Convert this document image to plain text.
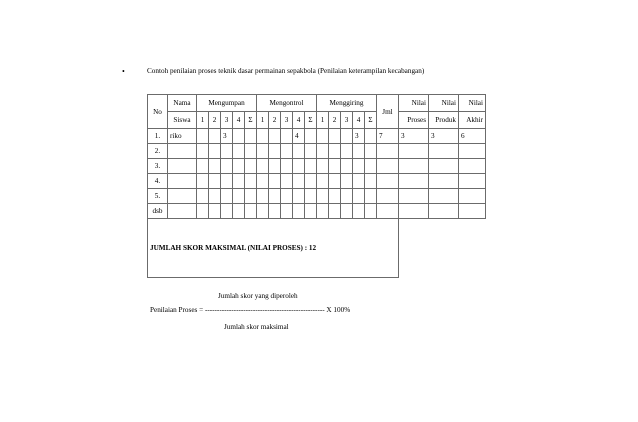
•	Contoh penilaian proses teknik dasar permainan sepakbola (Penilaian keterampilan kecabangan)
No	Nama	Mengumpan					Mengontrol					Menggiring					Jml	Nilai	Nilai	Nilai
	Siswa	1	2	3	4	Σ	1	2	3	4	Σ	1	2	3	4	Σ		Proses	Produk	Akhir
1.	riko			3						4					3		7	3	3	6
2.																				
3.																				
4.																				
5.																				
dsb																				
JUMLAH SKOR MAKSIMAL (NILAI PROSES) : 12																				
Jumlah skor yang diperoleh
Penilaian Proses = -------------------------------------------------- X 100%
Jumlah skor maksimal
